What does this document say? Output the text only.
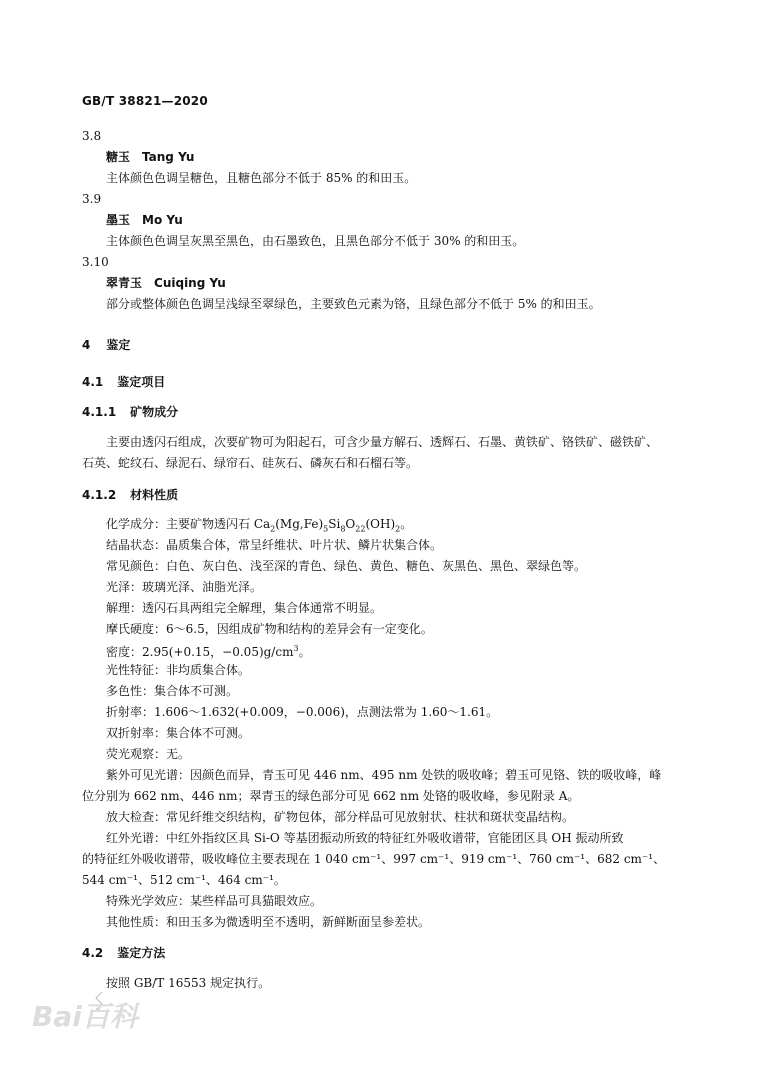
GB/T 38821—2020
3.8
糖玉 Tang Yu
主体颜色色调呈糖色，且糖色部分不低于 85% 的和田玉。
3.9
墨玉 Mo Yu
主体颜色色调呈灰黑至黑色，由石墨致色，且黑色部分不低于 30% 的和田玉。
3.10
翠青玉 Cuiqing Yu
部分或整体颜色色调呈浅绿至翠绿色，主要致色元素为铬，且绿色部分不低于 5% 的和田玉。
4 鉴定
4.1 鉴定项目
4.1.1 矿物成分
主要由透闪石组成，次要矿物可为阳起石，可含少量方解石、透辉石、石墨、黄铁矿、铬铁矿、磁铁矿、
石英、蛇纹石、绿泥石、绿帘石、硅灰石、磷灰石和石榴石等。
4.1.2 材料性质
化学成分：主要矿物透闪石 $Ca_2(Mg,Fe)_5Si_8O_{22}(OH)_2$。
结晶状态：晶质集合体，常呈纤维状、叶片状、鳞片状集合体。
常见颜色：白色、灰白色、浅至深的青色、绿色、黄色、糖色、灰黑色、黑色、翠绿色等。
光泽：玻璃光泽、油脂光泽。
解理：透闪石具两组完全解理，集合体通常不明显。
摩氏硬度：6～6.5，因组成矿物和结构的差异会有一定变化。
密度：2.95(+0.15，$-0.05)g/cm^3$。
光性特征：非均质集合体。
多色性：集合体不可测。
折射率：1.606～1.632(+0.009，−0.006)，点测法常为 1.60～1.61。
双折射率：集合体不可测。
荧光观察：无。
紫外可见光谱：因颜色而异，青玉可见 446 nm、495 nm 处铁的吸收峰；碧玉可见铬、铁的吸收峰，峰
位分别为 662 nm、446 nm；翠青玉的绿色部分可见 662 nm 处铬的吸收峰，参见附录 A。
放大检查：常见纤维交织结构，矿物包体，部分样品可见放射状、柱状和斑状变晶结构。
红外光谱：中红外指纹区具 Si-O 等基团振动所致的特征红外吸收谱带，官能团区具 OH 振动所致
的特征红外吸收谱带，吸收峰位主要表现在 1 040 cm⁻¹、997 cm⁻¹、919 cm⁻¹、760 cm⁻¹、682 cm⁻¹、
544 cm⁻¹、512 cm⁻¹、464 cm⁻¹。
特殊光学效应：某些样品可具猫眼效应。
其他性质：和田玉多为微透明至不透明，新鲜断面呈参差状。
4.2 鉴定方法
按照 GB/T 16553 规定执行。
Bai百科
